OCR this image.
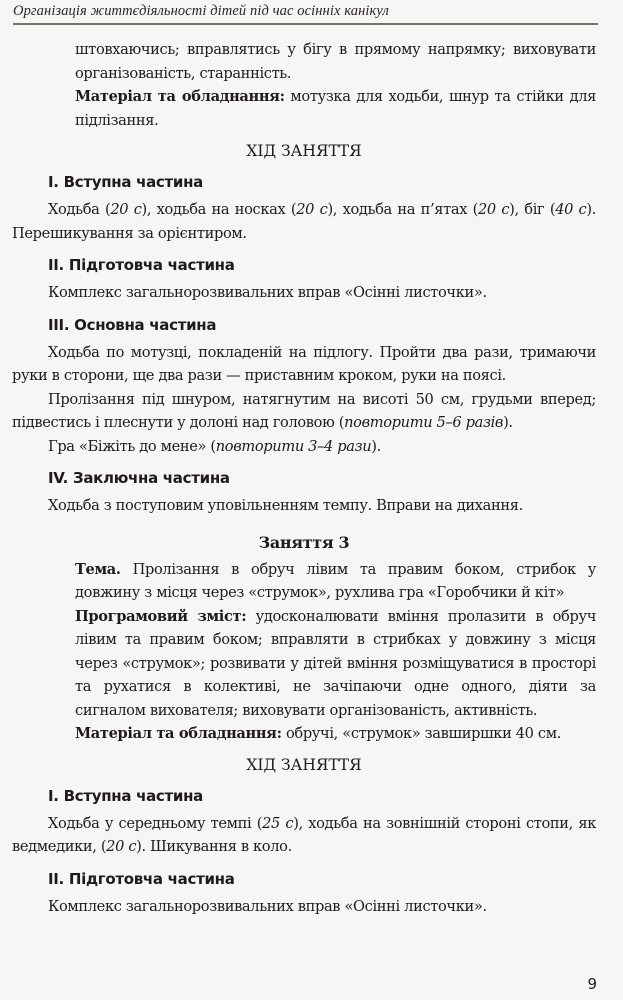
Організація життєдіяльності дітей під час осінніх канікул

штовхаючись; вправлятись у бігу в прямому напрямку; виховувати організованість, старанність.

Матеріал та обладнання: мотузка для ходьби, шнур та стійки для підлізання.

ХІД ЗАНЯТТЯ
I. Вступна частина

Ходьба (20 с), ходьба на носках (20 с), ходьба на п’ятах (20 с), біг (40 с). Перешикування за орієнтиром.

II. Підготовча частина

Комплекс загальнорозвивальних вправ «Осінні листочки».

III. Основна частина

Ходьба по мотузці, покладеній на підлогу. Пройти два рази, тримаючи руки в сторони, ще два рази — приставним кроком, руки на поясі.

Пролізання під шнуром, натягнутим на висоті 50 см, грудьми вперед; підвестись і плеснути у долоні над головою (повторити 5–6 разів).

Гра «Біжіть до мене» (повторити 3–4 рази).

IV. Заключна частина

Ходьба з поступовим уповільненням темпу. Вправи на дихання.

Заняття 3

Тема. Пролізання в обруч лівим та правим боком, стрибок у довжину з місця через «струмок», рухлива гра «Горобчики й кіт»

Програмовий зміст: удосконалювати вміння пролазити в обруч лівим та правим боком; вправляти в стрибках у довжину з місця через «струмок»; розвивати у дітей вміння розміщуватися в просторі та рухатися в колективі, не зачіпаючи одне одного, діяти за сигналом вихователя; виховувати організованість, активність.

Матеріал та обладнання: обручі, «струмок» завширшки 40 см.

ХІД ЗАНЯТТЯ
I. Вступна частина

Ходьба у середньому темпі (25 с), ходьба на зовнішній стороні стопи, як ведмедики, (20 с). Шикування в коло.

II. Підготовча частина

Комплекс загальнорозвивальних вправ «Осінні листочки».

9
